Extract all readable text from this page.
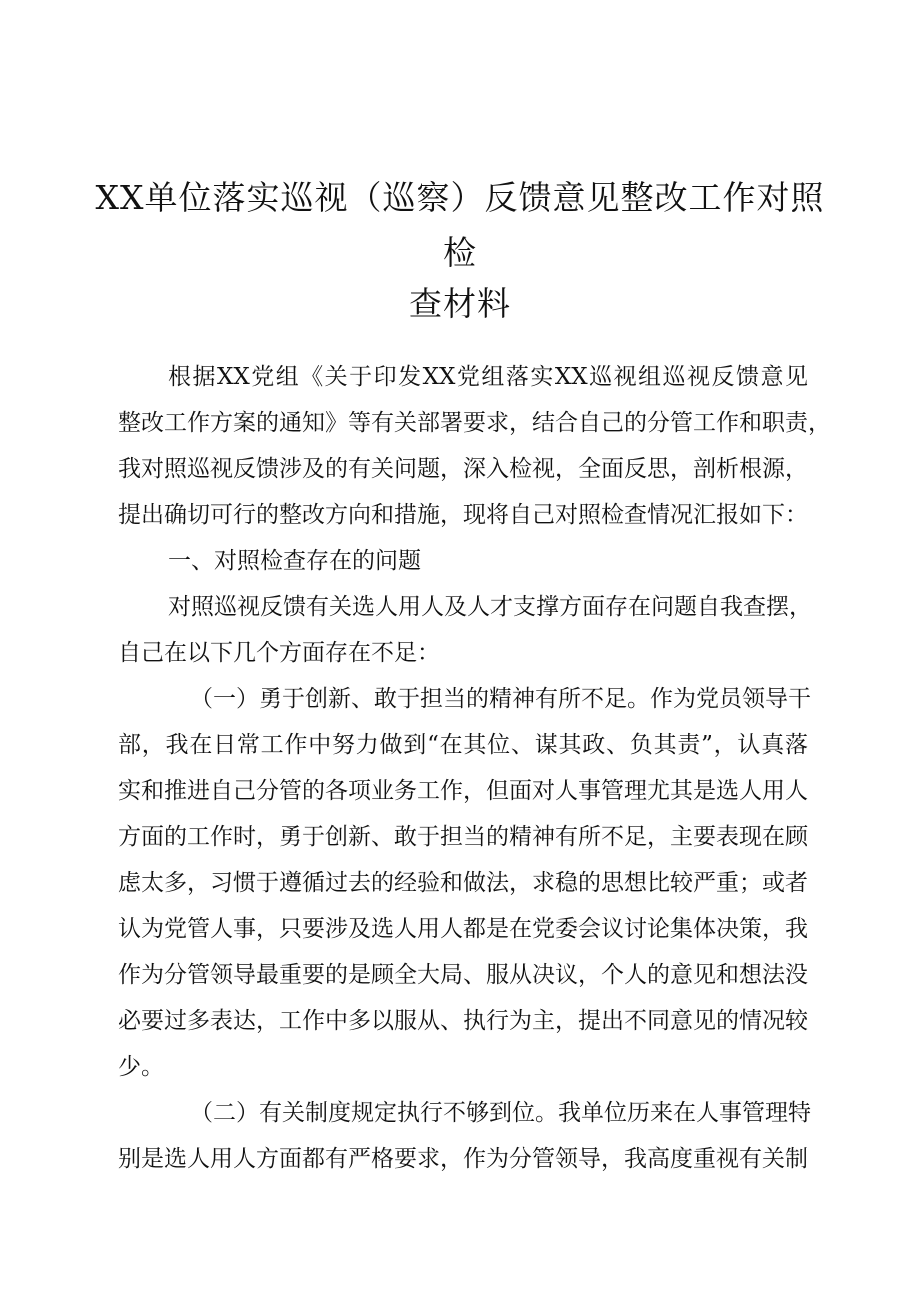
XX单位落实巡视（巡察）反馈意见整改工作对照
检
查材料
根据XX党组《关于印发XX党组落实XX巡视组巡视反馈意见
整改工作方案的通知》等有关部署要求，结合自己的分管工作和职责，
我对照巡视反馈涉及的有关问题，深入检视，全面反思，剖析根源，
提出确切可行的整改方向和措施，现将自己对照检查情况汇报如下：
一、对照检查存在的问题
对照巡视反馈有关选人用人及人才支撑方面存在问题自我查摆，
自己在以下几个方面存在不足：
（一）勇于创新、敢于担当的精神有所不足。作为党员领导干
部，我在日常工作中努力做到“在其位、谋其政、负其责”，认真落
实和推进自己分管的各项业务工作，但面对人事管理尤其是选人用人
方面的工作时，勇于创新、敢于担当的精神有所不足，主要表现在顾
虑太多，习惯于遵循过去的经验和做法，求稳的思想比较严重；或者
认为党管人事，只要涉及选人用人都是在党委会议讨论集体决策，我
作为分管领导最重要的是顾全大局、服从决议，个人的意见和想法没
必要过多表达，工作中多以服从、执行为主，提出不同意见的情况较
少。
（二）有关制度规定执行不够到位。我单位历来在人事管理特
别是选人用人方面都有严格要求，作为分管领导，我高度重视有关制
